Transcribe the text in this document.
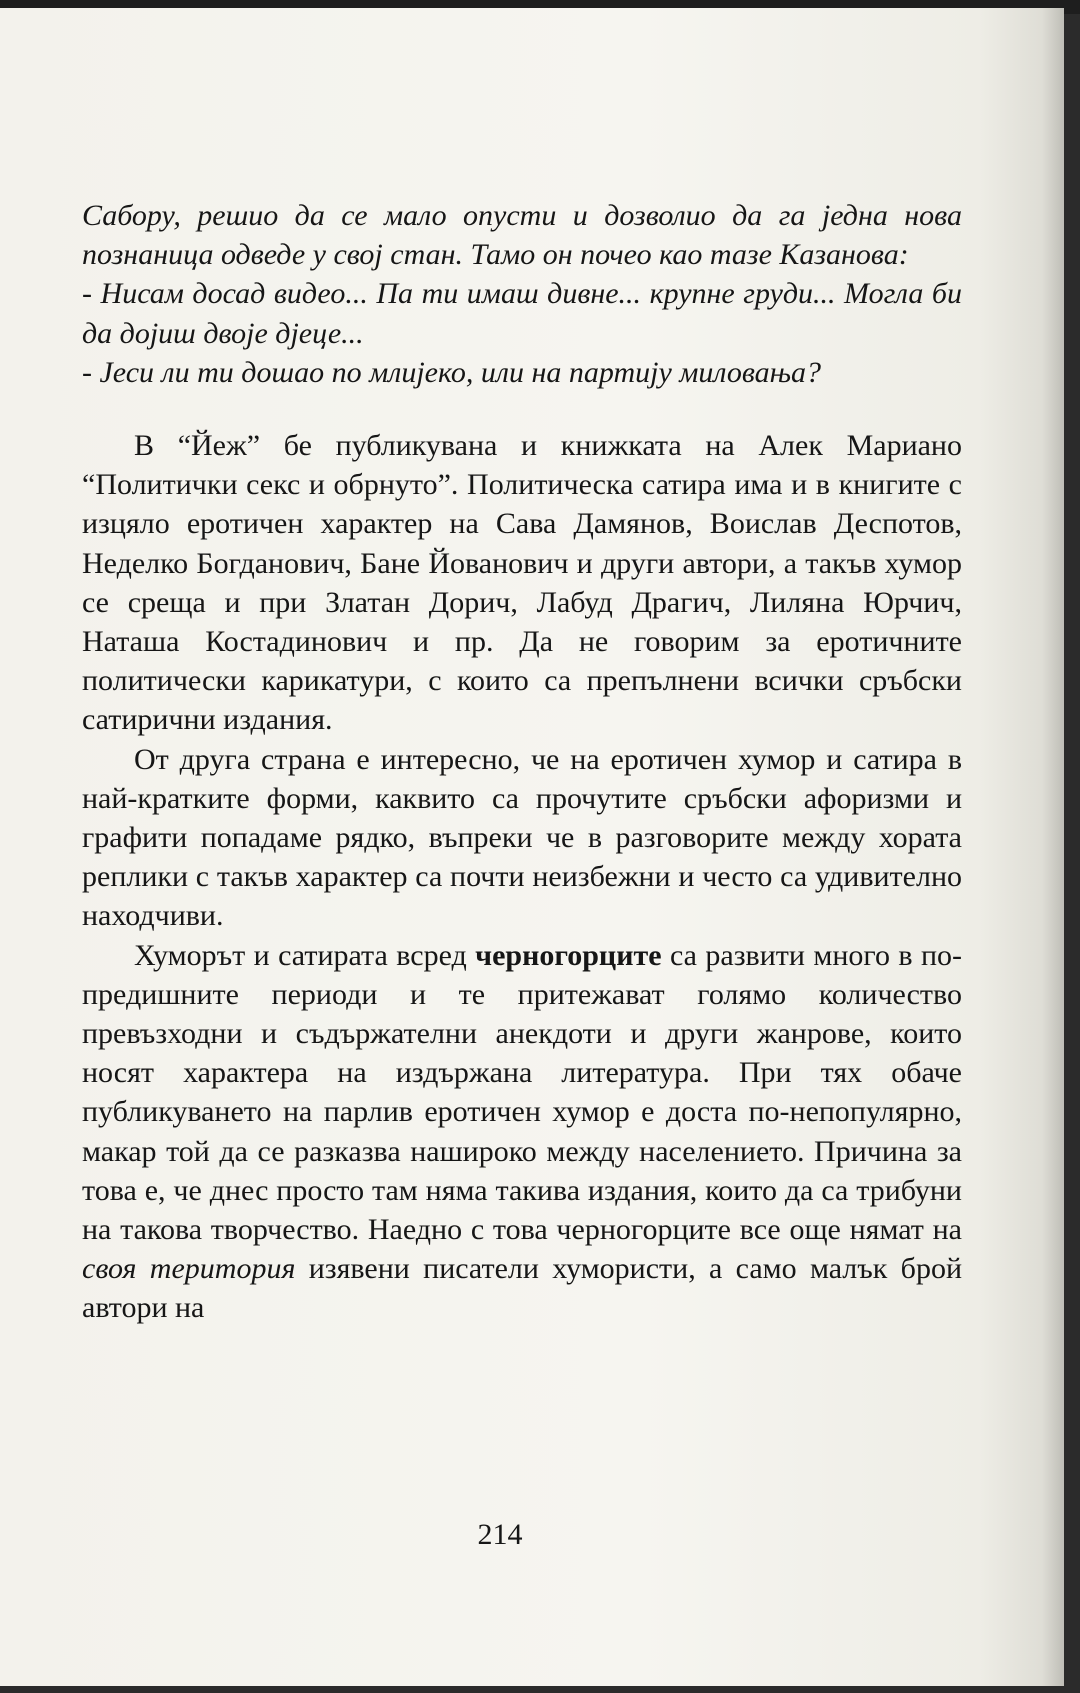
Сабору, решио да се мало опусти и дозволио да га једна нова познаница одведе у свој стан. Тамо он почео као тазе Казанова:

- Нисам досад видео... Па ти имаш дивне... крупне груди... Могла би да дојиш двоје дјеце...

- Јеси ли ти дошао по млијеко, или на партију миловања?

В “Йеж” бе публикувана и книжката на Алек Мариано “Политички секс и обрнуто”. Политическа сатира има и в книгите с изцяло еротичен характер на Сава Дамянов, Воислав Деспотов, Неделко Богданович, Бане Йованович и други автори, а такъв хумор се среща и при Златан Дорич, Лабуд Драгич, Лиляна Юрчич, Наташа Костадинович и пр. Да не говорим за еротичните политически карикатури, с които са препълнени всички сръбски сатирични издания.

От друга страна е интересно, че на еротичен хумор и сатира в най-кратките форми, каквито са прочутите сръбски афоризми и графити попадаме рядко, въпреки че в разговорите между хората реплики с такъв характер са почти неизбежни и често са удивително находчиви.

Хуморът и сатирата всред черногорците са развити много в по-предишните периоди и те притежават голямо количество превъзходни и съдържателни анекдоти и други жанрове, които носят характера на издържана литература. При тях обаче публикуването на парлив еротичен хумор е доста по-непопулярно, макар той да се разказва нашироко между населението. Причина за това е, че днес просто там няма такива издания, които да са трибуни на такова творчество. Наедно с това черногорците все още нямат на своя територия изявени писатели хумористи, а само малък брой автори на

214
